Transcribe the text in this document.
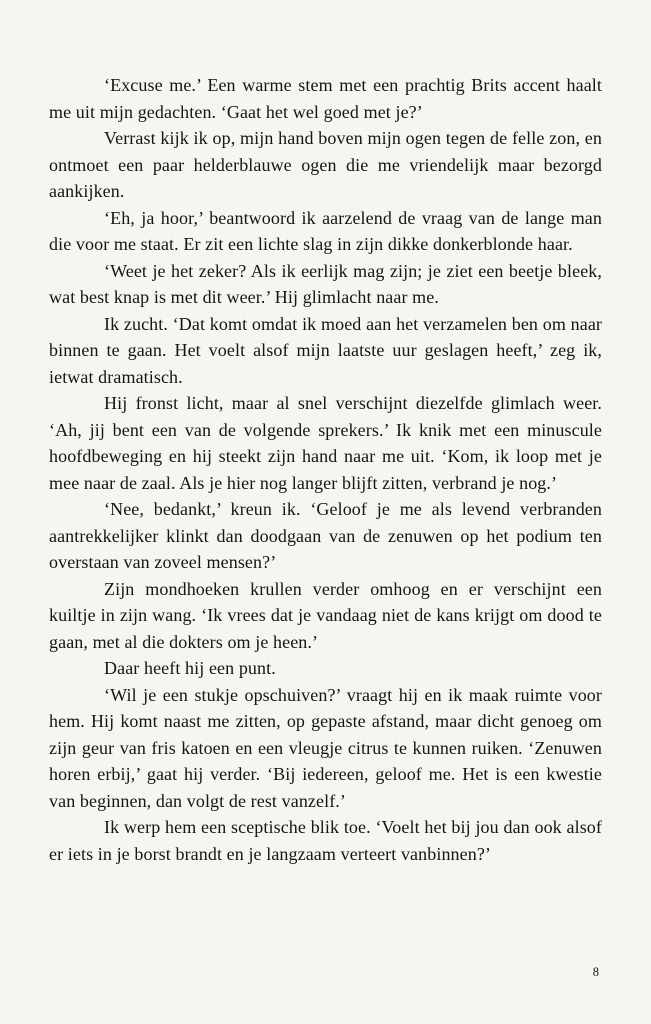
‘Excuse me.’ Een warme stem met een prachtig Brits accent haalt me uit mijn gedachten. ‘Gaat het wel goed met je?’

Verrast kijk ik op, mijn hand boven mijn ogen tegen de felle zon, en ontmoet een paar helderblauwe ogen die me vriendelijk maar bezorgd aankijken.

‘Eh, ja hoor,’ beantwoord ik aarzelend de vraag van de lange man die voor me staat. Er zit een lichte slag in zijn dikke donkerblonde haar.

‘Weet je het zeker? Als ik eerlijk mag zijn; je ziet een beetje bleek, wat best knap is met dit weer.’ Hij glimlacht naar me.

Ik zucht. ‘Dat komt omdat ik moed aan het verzamelen ben om naar binnen te gaan. Het voelt alsof mijn laatste uur geslagen heeft,’ zeg ik, ietwat dramatisch.

Hij fronst licht, maar al snel verschijnt diezelfde glimlach weer. ‘Ah, jij bent een van de volgende sprekers.’ Ik knik met een minuscule hoofdbeweging en hij steekt zijn hand naar me uit. ‘Kom, ik loop met je mee naar de zaal. Als je hier nog langer blijft zitten, verbrand je nog.’

‘Nee, bedankt,’ kreun ik. ‘Geloof je me als levend verbranden aantrekkelijker klinkt dan doodgaan van de zenuwen op het podium ten overstaan van zoveel mensen?’

Zijn mondhoeken krullen verder omhoog en er verschijnt een kuiltje in zijn wang. ‘Ik vrees dat je vandaag niet de kans krijgt om dood te gaan, met al die dokters om je heen.’

Daar heeft hij een punt.

‘Wil je een stukje opschuiven?’ vraagt hij en ik maak ruimte voor hem. Hij komt naast me zitten, op gepaste afstand, maar dicht genoeg om zijn geur van fris katoen en een vleugje citrus te kunnen ruiken. ‘Zenuwen horen erbij,’ gaat hij verder. ‘Bij iedereen, geloof me. Het is een kwestie van beginnen, dan volgt de rest vanzelf.’

Ik werp hem een sceptische blik toe. ‘Voelt het bij jou dan ook alsof er iets in je borst brandt en je langzaam verteert vanbinnen?’

8
